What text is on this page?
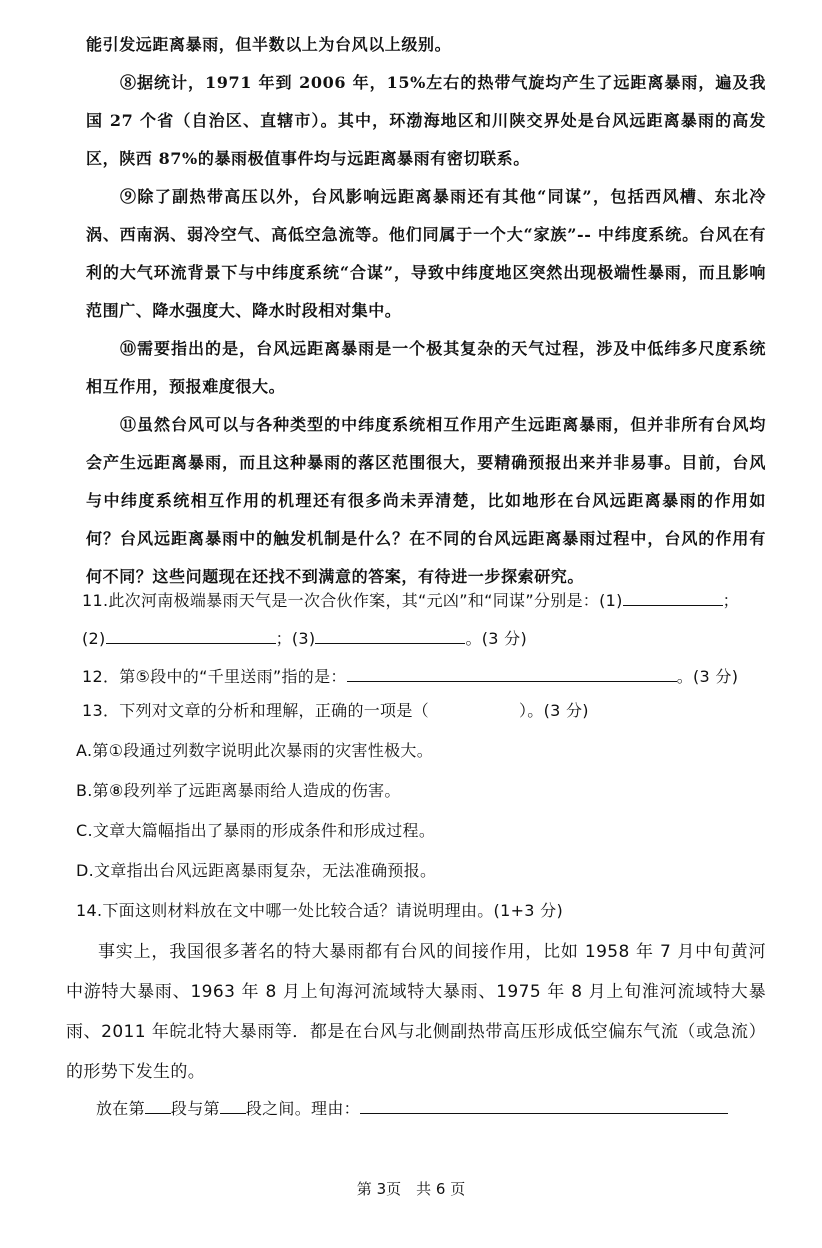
能引发远距离暴雨，但半数以上为台风以上级别。
⑧据统计，1971 年到 2006 年，15%左右的热带气旋均产生了远距离暴雨，遍及我国 27 个省（自治区、直辖市）。其中，环渤海地区和川陕交界处是台风远距离暴雨的高发区，陕西 87%的暴雨极值事件均与远距离暴雨有密切联系。
⑨除了副热带高压以外，台风影响远距离暴雨还有其他“同谋”，包括西风槽、东北冷涡、西南涡、弱冷空气、高低空急流等。他们同属于一个大“家族”-- 中纬度系统。台风在有利的大气环流背景下与中纬度系统“合谋”，导致中纬度地区突然出现极端性暴雨，而且影响范围广、降水强度大、降水时段相对集中。
⑩需要指出的是，台风远距离暴雨是一个极其复杂的天气过程，涉及中低纬多尺度系统相互作用，预报难度很大。
⑪虽然台风可以与各种类型的中纬度系统相互作用产生远距离暴雨，但并非所有台风均会产生远距离暴雨，而且这种暴雨的落区范围很大，要精确预报出来并非易事。目前，台风与中纬度系统相互作用的机理还有很多尚未弄清楚，比如地形在台风远距离暴雨的作用如何？台风远距离暴雨中的触发机制是什么？在不同的台风远距离暴雨过程中，台风的作用有何不同？这些问题现在还找不到满意的答案，有待进一步探索研究。
11.此次河南极端暴雨天气是一次合伙作案，其“元凶”和“同谋”分别是：(1)	；
(2)	；(3)	。(3 分)
12．第⑤段中的“千里送雨”指的是：	。(3 分)
13．下列对文章的分析和理解，正确的一项是（	）。(3 分)
A.第①段通过列数字说明此次暴雨的灾害性极大。
B.第⑧段列举了远距离暴雨给人造成的伤害。
C.文章大篇幅指出了暴雨的形成条件和形成过程。
D.文章指出台风远距离暴雨复杂，无法准确预报。
14.下面这则材料放在文中哪一处比较合适？请说明理由。(1+3 分)
事实上，我国很多著名的特大暴雨都有台风的间接作用，比如 1958 年 7 月中旬黄河中游特大暴雨、1963 年 8 月上旬海河流域特大暴雨、1975 年 8 月上旬淮河流域特大暴雨、2011 年皖北特大暴雨等．都是在台风与北侧副热带高压形成低空偏东气流（或急流）的形势下发生的。
放在第 段与第 段之间。理由：
第 3页　共 6 页
